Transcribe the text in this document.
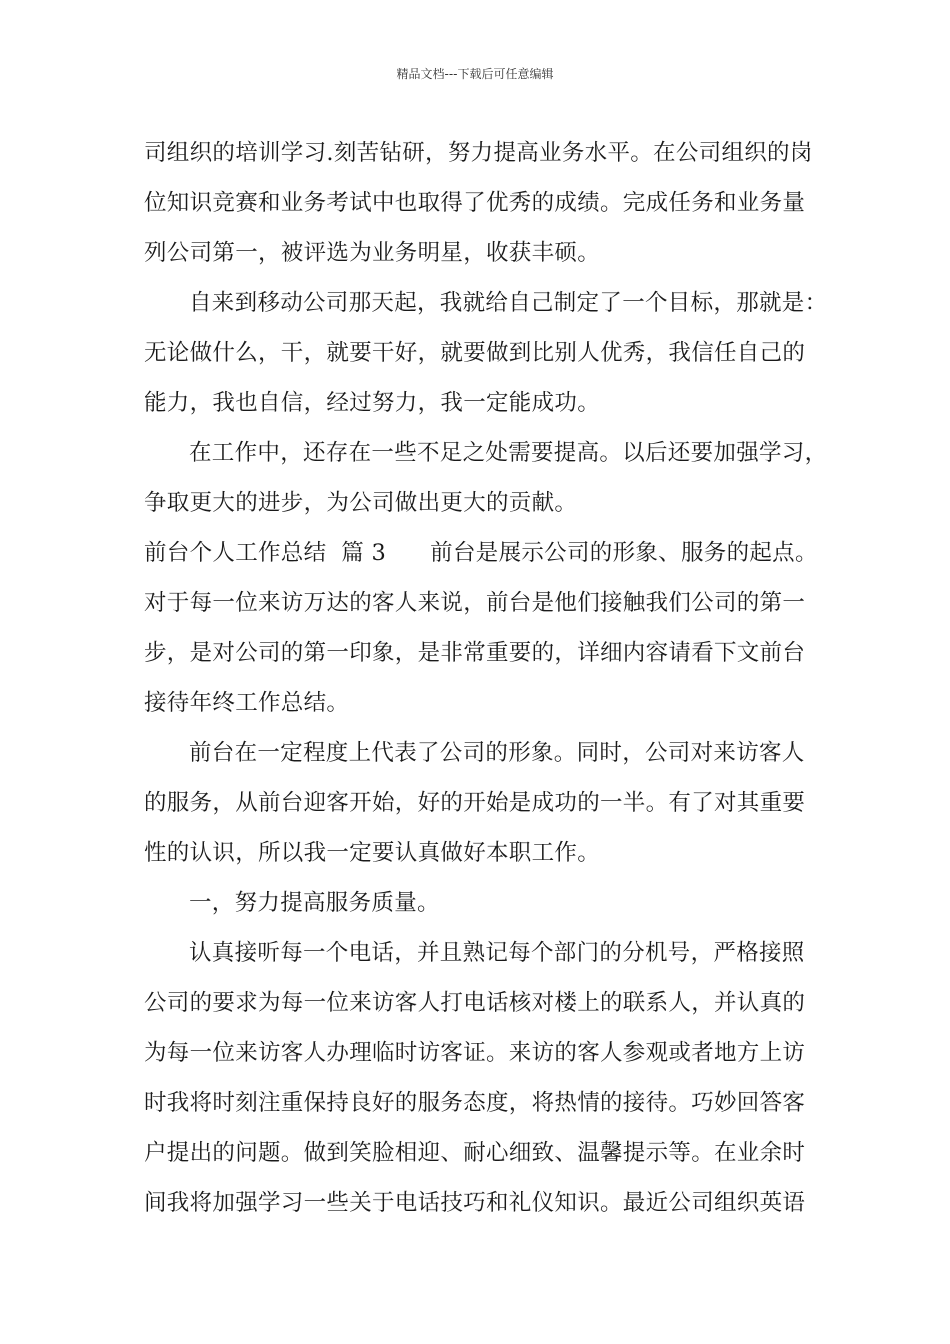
精品文档---下载后可任意编辑
司组织的培训学习.刻苦钻研，努力提高业务水平。在公司组织的岗
位知识竞赛和业务考试中也取得了优秀的成绩。完成任务和业务量
列公司第一，被评选为业务明星，收获丰硕。
自来到移动公司那天起，我就给自己制定了一个目标，那就是：
无论做什么，干，就要干好，就要做到比别人优秀，我信任自己的
能力，我也自信，经过努力，我一定能成功。
在工作中，还存在一些不足之处需要提高。以后还要加强学习，
争取更大的进步，为公司做出更大的贡献。
前台个人工作总结  篇 3 前台是展示公司的形象、服务的起点。
对于每一位来访万达的客人来说，前台是他们接触我们公司的第一
步，是对公司的第一印象，是非常重要的，详细内容请看下文前台
接待年终工作总结。
前台在一定程度上代表了公司的形象。同时，公司对来访客人
的服务，从前台迎客开始，好的开始是成功的一半。有了对其重要
性的认识，所以我一定要认真做好本职工作。
一，努力提高服务质量。
认真接听每一个电话，并且熟记每个部门的分机号，严格接照
公司的要求为每一位来访客人打电话核对楼上的联系人，并认真的
为每一位来访客人办理临时访客证。来访的客人参观或者地方上访
时我将时刻注重保持良好的服务态度，将热情的接待。巧妙回答客
户提出的问题。做到笑脸相迎、耐心细致、温馨提示等。在业余时
间我将加强学习一些关于电话技巧和礼仪知识。最近公司组织英语
